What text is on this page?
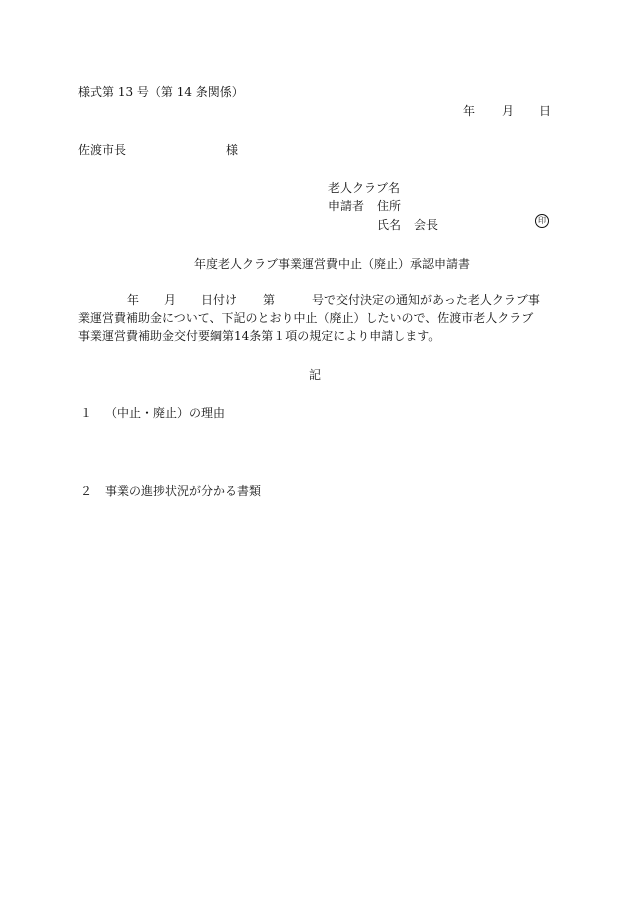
様式第 13 号（第 14 条関係）
年 月 日
佐渡市長	様
老人クラブ名
申請者 住所
氏名 会長	印
年度老人クラブ事業運営費中止（廃止）承認申請書
年 月 日付け 第	号で交付決定の通知があった老人クラブ事
業運営費補助金について、下記のとおり中止（廃止）したいので、佐渡市老人クラブ
事業運営費補助金交付要綱第14条第１項の規定により申請します。
記
１ （中止・廃止）の理由
２ 事業の進捗状況が分かる書類
